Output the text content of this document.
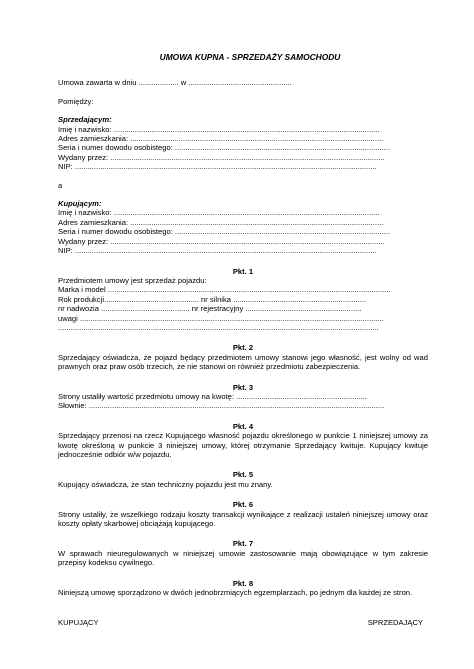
UMOWA KUPNA - SPRZEDAŻY SAMOCHODU
Umowa zawarta w dniu ................... w .................................................
Pomiędzy:
Sprzedającym:
Imię i nazwisko: ..............................................................................................................................
Adres zamieszkania: ........................................................................................................................
Seria i numer dowodu osobistego: ......................................................................................................
Wydany przez: ..................................................................................................................................
NIP: ...............................................................................................................................................
a
Kupującym:
Imię i nazwisko: ..............................................................................................................................
Adres zamieszkania: ........................................................................................................................
Seria i numer dowodu osobistego: ......................................................................................................
Wydany przez: ..................................................................................................................................
NIP: ...............................................................................................................................................
Pkt. 1
Przedmiotem umowy jest sprzedaż pojazdu:
Marka i model ......................................................................................................................................
Rok produkcji............................................. nr silnika ...............................................................
nr nadwozia .......................................... nr rejestracyjny .......................................................
uwagi ................................................................................................................................................
........................................................................................................................................................
Pkt. 2
Sprzedający oświadcza, że pojazd będący przedmiotem umowy stanowi jego własność, jest wolny od wad prawnych oraz praw osób trzecich, że nie stanowi on również przedmiotu zabezpieczenia.
Pkt. 3
Strony ustaliły wartość przedmiotu umowy na kwotę: ..............................................................
Słownie: ............................................................................................................................................
Pkt. 4
Sprzedający przenosi na rzecz Kupującego własność pojazdu określonego w punkcie 1 niniejszej umowy za kwotę określoną w punkcie 3 niniejszej umowy, której otrzymanie Sprzedający kwituje. Kupujący kwituje jednocześnie odbiór w/w pojazdu.
Pkt. 5
Kupujący oświadcza, że stan techniczny pojazdu jest mu znany.
Pkt. 6
Strony ustaliły, że wszelkiego rodzaju koszty transakcji wynikające z realizacji ustaleń niniejszej umowy oraz koszty opłaty skarbowej obciążają kupującego.
Pkt. 7
W sprawach nieuregulowanych w niniejszej umowie zastosowanie mają obowiązujące w tym zakresie przepisy kodeksu cywilnego.
Pkt. 8
Niniejszą umowę sporządzono w dwóch jednobrzmiących egzemplarzach, po jednym dla każdej ze stron.
KUPUJĄCY	SPRZEDAJĄCY
